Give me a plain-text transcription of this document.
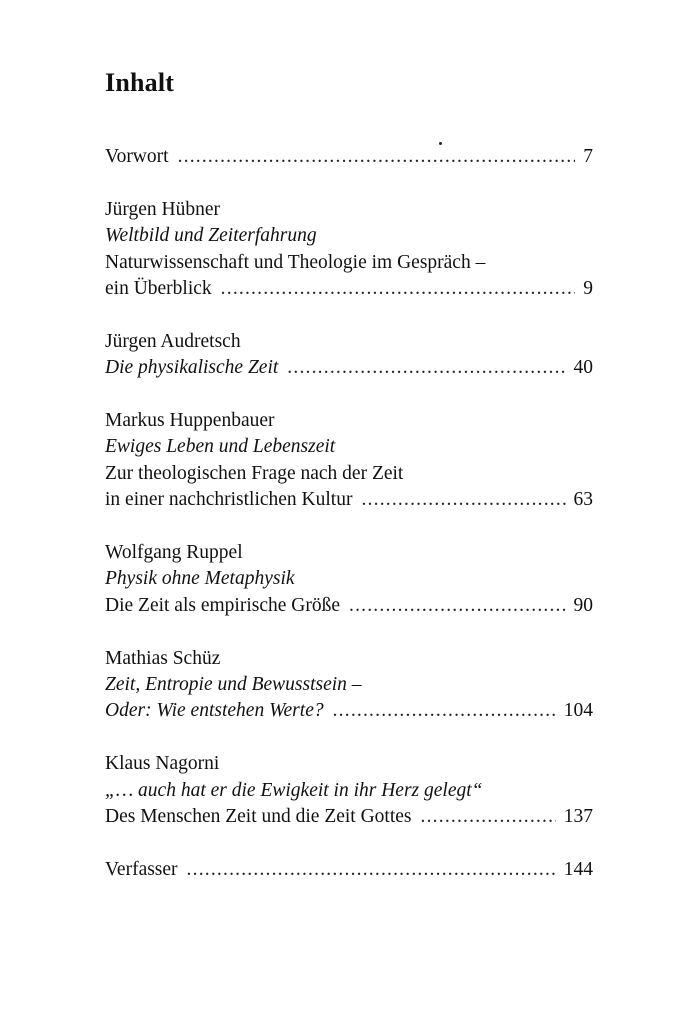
Inhalt
Vorwort .....	7
Jürgen Hübner
Weltbild und Zeiterfahrung
Naturwissenschaft und Theologie im Gespräch –
ein Überblick .....	9
Jürgen Audretsch
Die physikalische Zeit .....	40
Markus Huppenbauer
Ewiges Leben und Lebenszeit
Zur theologischen Frage nach der Zeit
in einer nachchristlichen Kultur .....	63
Wolfgang Ruppel
Physik ohne Metaphysik
Die Zeit als empirische Größe .....	90
Mathias Schüz
Zeit, Entropie und Bewusstsein –
Oder: Wie entstehen Werte? .....	104
Klaus Nagorni
„… auch hat er die Ewigkeit in ihr Herz gelegt“
Des Menschen Zeit und die Zeit Gottes .....	137
Verfasser .....	144
